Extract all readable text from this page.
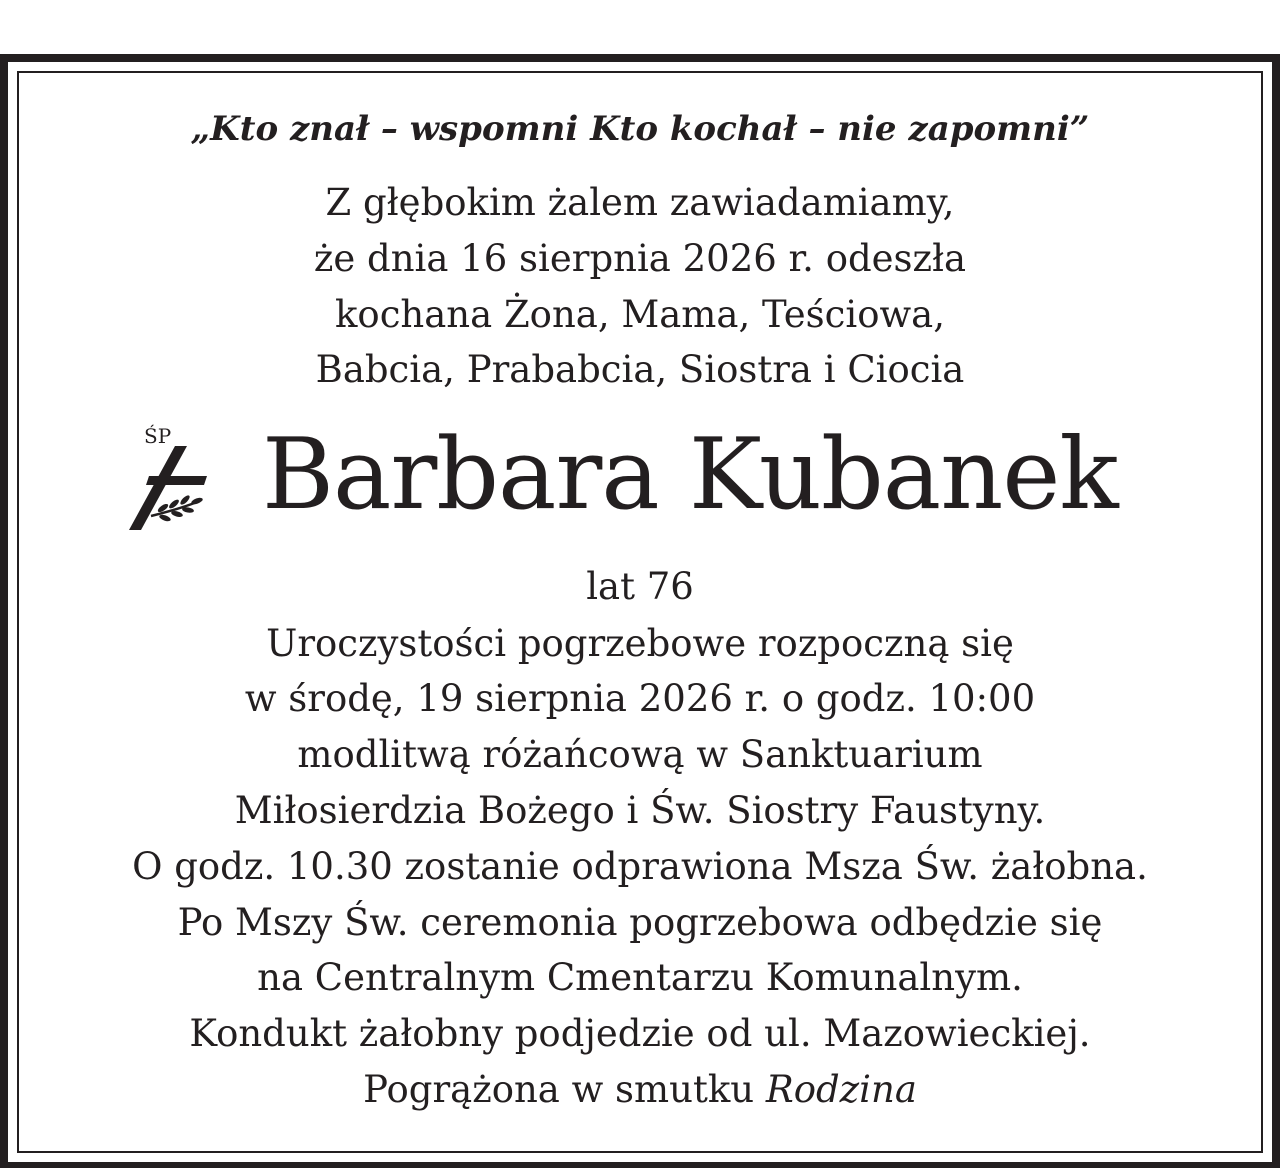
„Kto znał – wspomni Kto kochał – nie zapomni”
Z głębokim żalem zawiadamiamy,
że dnia 16 sierpnia 2026 r. odeszła
kochana Żona, Mama, Teściowa,
Babcia, Prababcia, Siostra i Ciocia
ŚP Barbara Kubanek
lat 76
Uroczystości pogrzebowe rozpoczną się
w środę, 19 sierpnia 2026 r. o godz. 10:00
modlitwą różańcową w Sanktuarium
Miłosierdzia Bożego i Św. Siostry Faustyny.
O godz. 10.30 zostanie odprawiona Msza Św. żałobna.
Po Mszy Św. ceremonia pogrzebowa odbędzie się
na Centralnym Cmentarzu Komunalnym.
Kondukt żałobny podjedzie od ul. Mazowieckiej.
Pogrążona w smutku Rodzina
